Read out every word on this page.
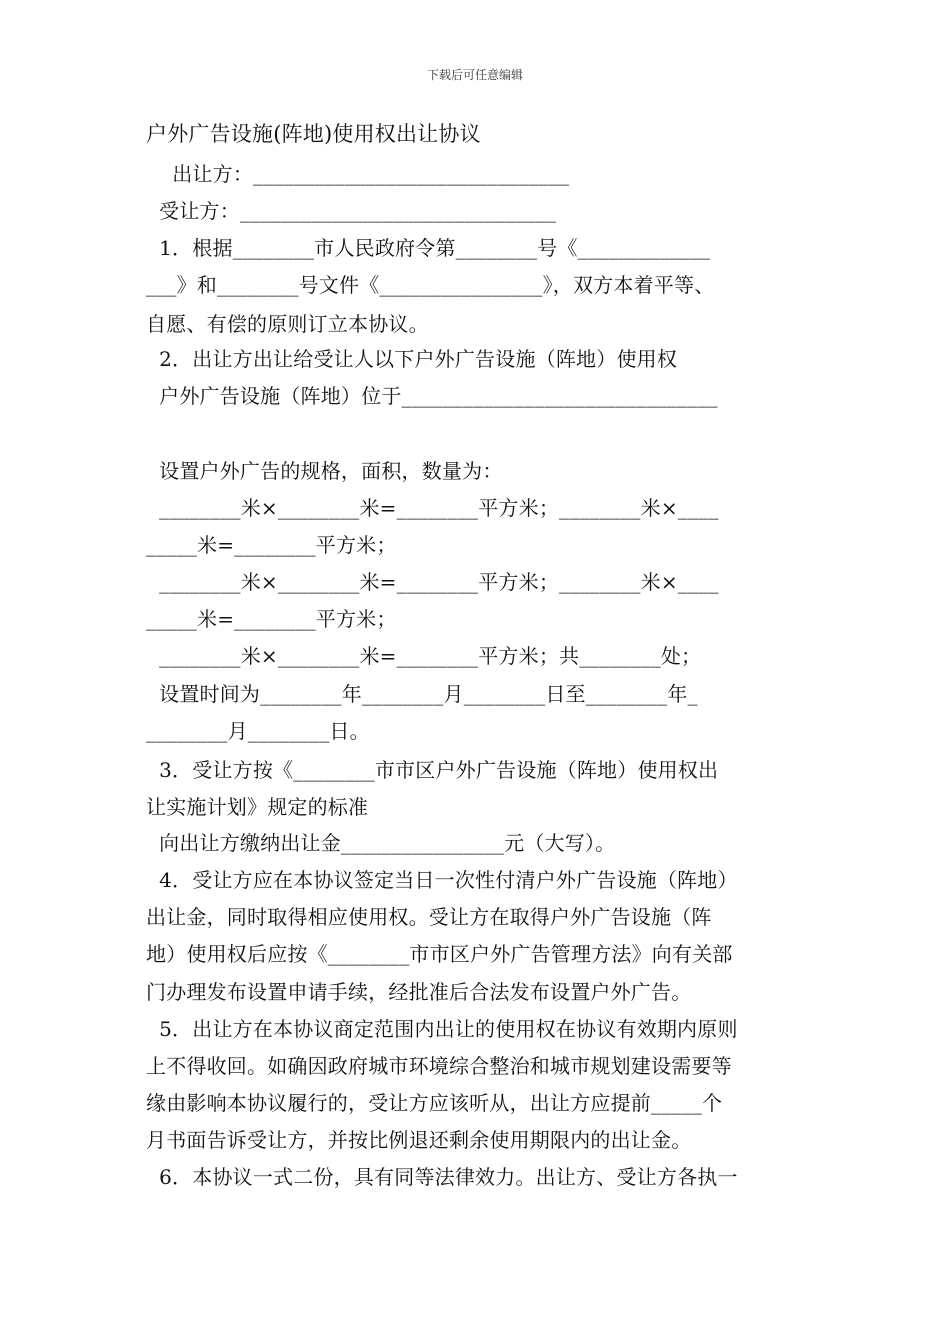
下载后可任意编辑
户外广告设施(阵地)使用权出让协议
出让方：_______________________________
受让方：_______________________________
1．根据________市人民政府令第________号《_____________
___》和________号文件《________________》，双方本着平等、
自愿、有偿的原则订立本协议。
2．出让方出让给受让人以下户外广告设施（阵地）使用权
户外广告设施（阵地）位于_______________________________
设置户外广告的规格，面积，数量为：
________米×________米=________平方米；________米×____
_____米=________平方米；
________米×________米=________平方米；________米×____
_____米=________平方米；
________米×________米=________平方米；共________处；
设置时间为________年________月________日至________年_
________月________日。
3．受让方按《________市市区户外广告设施（阵地）使用权出
让实施计划》规定的标准
向出让方缴纳出让金________________元（大写）。
4．受让方应在本协议签定当日一次性付清户外广告设施（阵地）
出让金，同时取得相应使用权。受让方在取得户外广告设施（阵
地）使用权后应按《________市市区户外广告管理方法》向有关部
门办理发布设置申请手续，经批准后合法发布设置户外广告。
5．出让方在本协议商定范围内出让的使用权在协议有效期内原则
上不得收回。如确因政府城市环境综合整治和城市规划建设需要等
缘由影响本协议履行的，受让方应该听从，出让方应提前_____个
月书面告诉受让方，并按比例退还剩余使用期限内的出让金。
6．本协议一式二份，具有同等法律效力。出让方、受让方各执一
